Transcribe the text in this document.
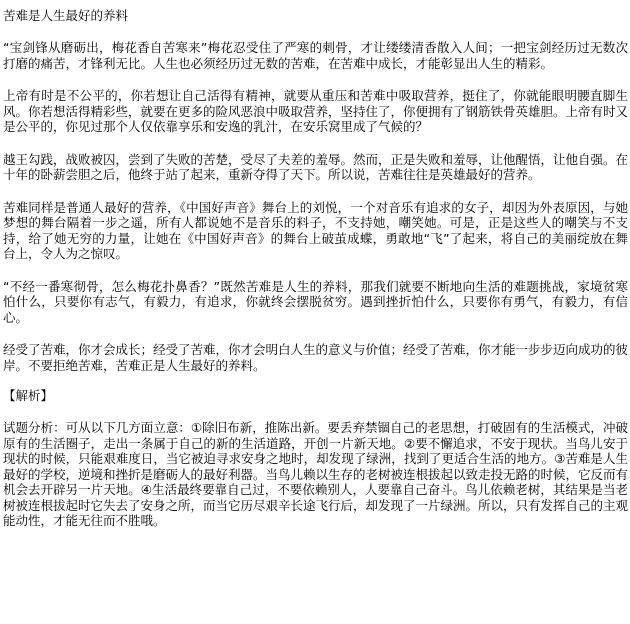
苦难是人生最好的养料

“宝剑锋从磨砺出，梅花香自苦寒来”梅花忍受住了严寒的刺骨，才让缕缕清香散入人间；一把宝剑经历过无数次打磨的痛苦，才锋利无比。人生也必须经历过无数的苦难，在苦难中成长，才能彰显出人生的精彩。

上帝有时是不公平的，你若想让自己活得有精神，就要从重压和苦难中吸取营养，挺住了，你就能眼明腰直脚生风。你若想活得精彩些，就要在更多的险风恶浪中吸取营养，坚持住了，你便拥有了钢筋铁骨英雄胆。上帝有时又是公平的，你见过那个人仅依靠享乐和安逸的乳汁，在安乐窝里成了气候的？

越王勾践，战败被囚，尝到了失败的苦楚，受尽了夫差的羞辱。然而，正是失败和羞辱，让他醒悟，让他自强。在十年的卧薪尝胆之后，他终于站了起来，重新夺得了天下。所以说，苦难往往是英雄最好的营养。

苦难同样是普通人最好的营养，《中国好声音》舞台上的刘悦，一个对音乐有追求的女子，却因为外表原因，与她梦想的舞台隔着一步之遥，所有人都说她不是音乐的料子，不支持她，嘲笑她。可是，正是这些人的嘲笑与不支持，给了她无穷的力量，让她在《中国好声音》的舞台上破茧成蝶，勇敢地“飞”了起来，将自己的美丽绽放在舞台上，令人为之惊叹。

“不经一番寒彻骨，怎么梅花扑鼻香？”既然苦难是人生的养料，那我们就要不断地向生活的难题挑战，家境贫寒怕什么，只要你有志气，有毅力，有追求，你就终会摆脱贫穷。遇到挫折怕什么，只要你有勇气，有毅力，有信心。

经受了苦难，你才会成长；经受了苦难，你才会明白人生的意义与价值；经受了苦难，你才能一步步迈向成功的彼岸。不要拒绝苦难，苦难正是人生最好的养料。

【解析】

试题分析：可从以下几方面立意：①除旧布新，推陈出新。要丢弃禁锢自己的老思想，打破固有的生活模式，冲破原有的生活圈子，走出一条属于自己的新的生活道路，开创一片新天地。②要不懈追求，不安于现状。当鸟儿安于现状的时候，只能艰难度日，当它被迫寻求安身之地时，却发现了绿洲，找到了更适合生活的地方。③苦难是人生最好的学校，逆境和挫折是磨砺人的最好利器。当鸟儿赖以生存的老树被连根拔起以致走投无路的时候，它反而有机会去开辟另一片天地。④生活最终要靠自己过，不要依赖别人，人要靠自己奋斗。鸟儿依赖老树，其结果是当老树被连根拔起时它失去了安身之所，而当它历尽艰辛长途飞行后，却发现了一片绿洲。所以，只有发挥自己的主观能动性，才能无往而不胜哦。
